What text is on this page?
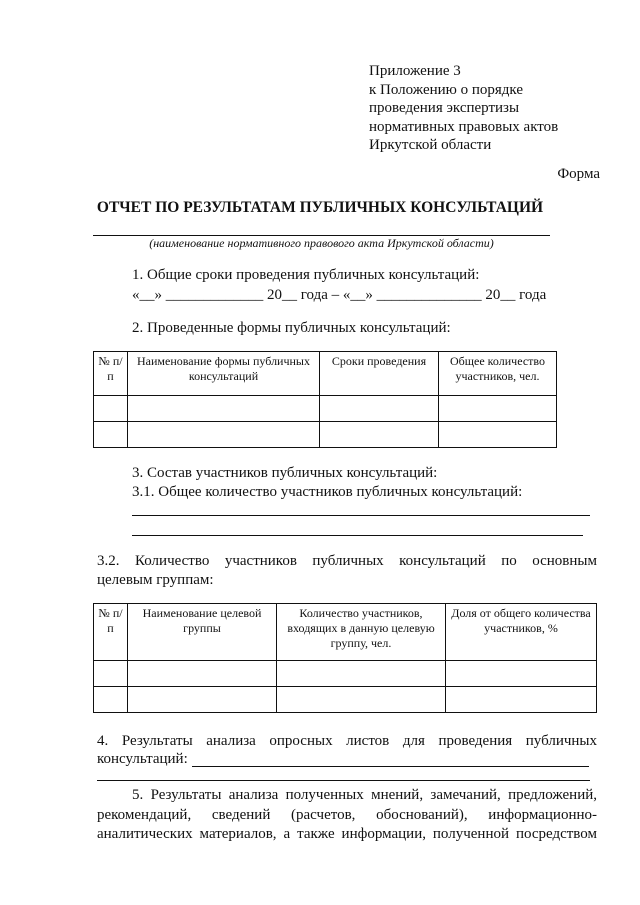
Приложение 3
к Положению о порядке
проведения экспертизы
нормативных правовых актов
Иркутской области
Форма
ОТЧЕТ ПО РЕЗУЛЬТАТАМ ПУБЛИЧНЫХ КОНСУЛЬТАЦИЙ
(наименование нормативного правового акта Иркутской области)
1. Общие сроки проведения публичных консультаций:
«__» _____________ 20__ года – «__» ______________ 20__ года
2. Проведенные формы публичных консультаций:
№ п/п	Наименование формы публичных консультаций	Сроки проведения	Общее количество участников, чел.

3. Состав участников публичных консультаций:
3.1. Общее количество участников публичных консультаций:
3.2. Количество участников публичных консультаций по основным
целевым группам:
№ п/п	Наименование целевой группы	Количество участников, входящих в данную целевую группу, чел.	Доля от общего количества участников, %

4. Результаты анализа опросных листов для проведения публичных
консультаций:
5. Результаты анализа полученных мнений, замечаний, предложений,
рекомендаций, сведений (расчетов, обоснований), информационно-
аналитических материалов, а также информации, полученной посредством
